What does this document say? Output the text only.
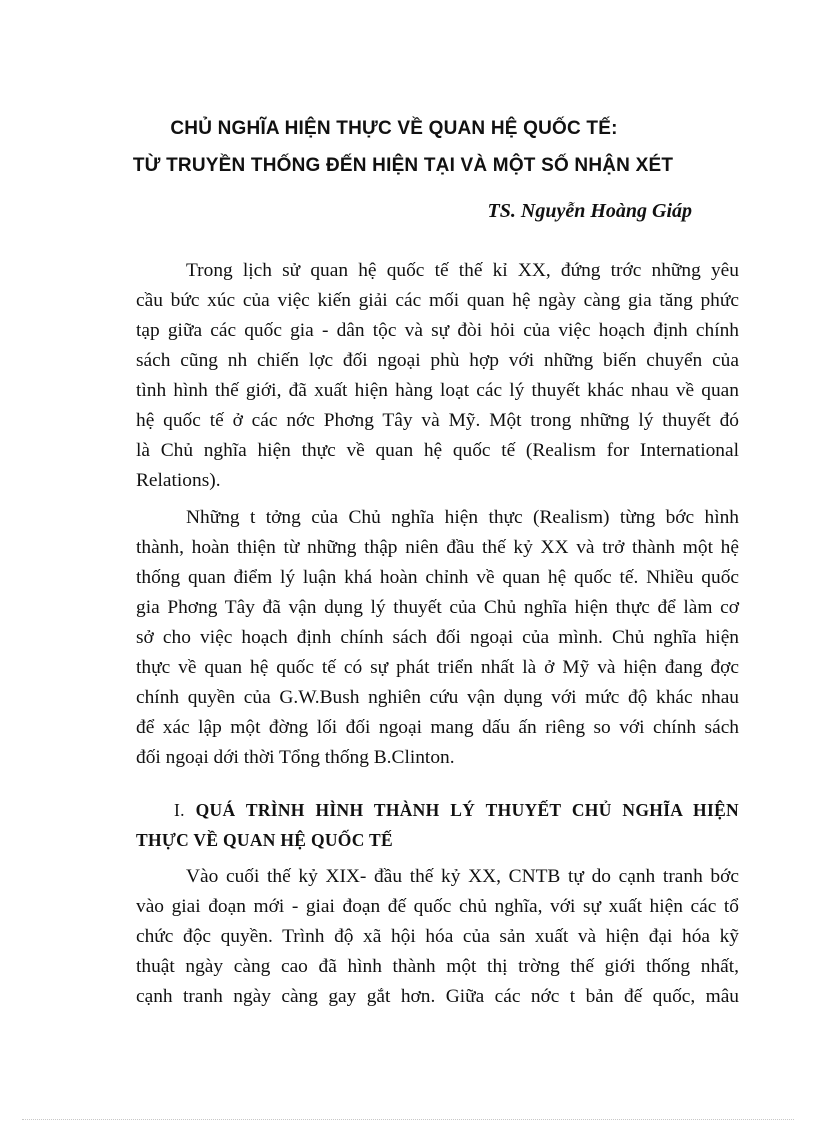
CHỦ NGHĨA HIỆN THỰC VỀ QUAN HỆ QUỐC TẾ:
TỪ TRUYỀN THỐNG ĐẾN HIỆN TẠI VÀ MỘT SỐ NHẬN XÉT
TS. Nguyễn Hoàng Giáp
Trong lịch sử quan hệ quốc tế thế kỉ XX, đứng trớc những yêu
cầu bức xúc của việc kiến giải các mối quan hệ ngày càng gia tăng phức
tạp giữa các quốc gia - dân tộc và sự đòi hỏi của việc hoạch định chính
sách cũng nh chiến lợc đối ngoại phù hợp với những biến chuyển của
tình hình thế giới, đã xuất hiện hàng loạt các lý thuyết khác nhau về quan
hệ quốc tế ở các nớc Phơng Tây và Mỹ. Một trong những lý thuyết đó
là Chủ nghĩa hiện thực về quan hệ quốc tế (Realism for International
Relations).
Những t tởng của Chủ nghĩa hiện thực (Realism) từng bớc hình
thành, hoàn thiện từ những thập niên đầu thế kỷ XX và trở thành một hệ
thống quan điểm lý luận khá hoàn chỉnh về quan hệ quốc tế. Nhiều quốc
gia Phơng Tây đã vận dụng lý thuyết của Chủ nghĩa hiện thực để làm cơ
sở cho việc hoạch định chính sách đối ngoại của mình. Chủ nghĩa hiện
thực về quan hệ quốc tế có sự phát triển nhất là ở Mỹ và hiện đang đợc
chính quyền của G.W.Bush nghiên cứu vận dụng với mức độ khác nhau
để xác lập một đờng lối đối ngoại mang dấu ấn riêng so với chính sách
đối ngoại dới thời Tổng thống B.Clinton.
I. QUÁ TRÌNH HÌNH THÀNH LÝ THUYẾT CHỦ NGHĨA HIỆN
THỰC VỀ QUAN HỆ QUỐC TẾ
Vào cuối thế kỷ XIX- đầu thế kỷ XX, CNTB tự do cạnh tranh bớc
vào giai đoạn mới - giai đoạn đế quốc chủ nghĩa, với sự xuất hiện các tổ
chức độc quyền. Trình độ xã hội hóa của sản xuất và hiện đại hóa kỹ
thuật ngày càng cao đã hình thành một thị trờng thế giới thống nhất,
cạnh tranh ngày càng gay gắt hơn. Giữa các nớc t bản đế quốc, mâu
